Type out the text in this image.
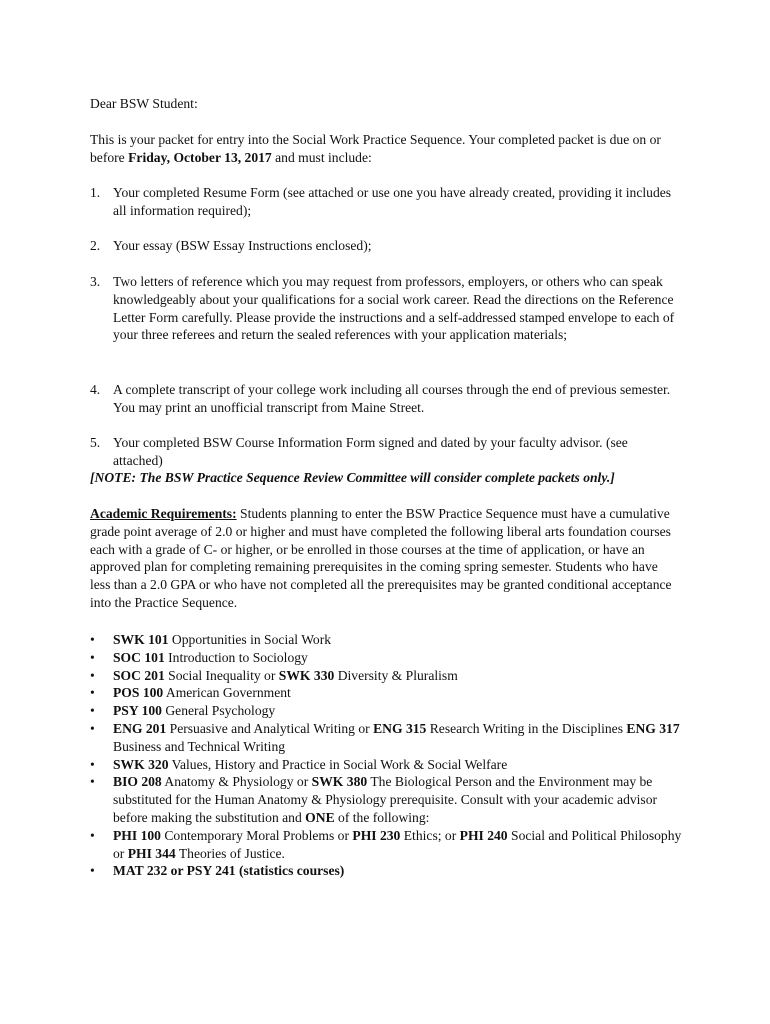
Dear BSW Student:

This is your packet for entry into the Social Work Practice Sequence. Your completed packet is due on or before Friday, October 13, 2017 and must include:

1. Your completed Resume Form (see attached or use one you have already created, providing it includes all information required);
2. Your essay (BSW Essay Instructions enclosed);
3. Two letters of reference which you may request from professors, employers, or others who can speak knowledgeably about your qualifications for a social work career. Read the directions on the Reference Letter Form carefully. Please provide the instructions and a self-addressed stamped envelope to each of your three referees and return the sealed references with your application materials;
4. A complete transcript of your college work including all courses through the end of previous semester. You may print an unofficial transcript from Maine Street.
5. Your completed BSW Course Information Form signed and dated by your faculty advisor. (see attached)

[NOTE: The BSW Practice Sequence Review Committee will consider complete packets only.]

Academic Requirements: Students planning to enter the BSW Practice Sequence must have a cumulative grade point average of 2.0 or higher and must have completed the following liberal arts foundation courses each with a grade of C- or higher, or be enrolled in those courses at the time of application, or have an approved plan for completing remaining prerequisites in the coming spring semester. Students who have less than a 2.0 GPA or who have not completed all the prerequisites may be granted conditional acceptance into the Practice Sequence.

• SWK 101 Opportunities in Social Work
• SOC 101 Introduction to Sociology
• SOC 201 Social Inequality or SWK 330 Diversity & Pluralism
• POS 100 American Government
• PSY 100 General Psychology
• ENG 201 Persuasive and Analytical Writing or ENG 315 Research Writing in the Disciplines ENG 317 Business and Technical Writing
• SWK 320 Values, History and Practice in Social Work & Social Welfare
• BIO 208 Anatomy & Physiology or SWK 380 The Biological Person and the Environment may be substituted for the Human Anatomy & Physiology prerequisite. Consult with your academic advisor before making the substitution and ONE of the following:
• PHI 100 Contemporary Moral Problems or PHI 230 Ethics; or PHI 240 Social and Political Philosophy or PHI 344 Theories of Justice.
• MAT 232 or PSY 241 (statistics courses)
